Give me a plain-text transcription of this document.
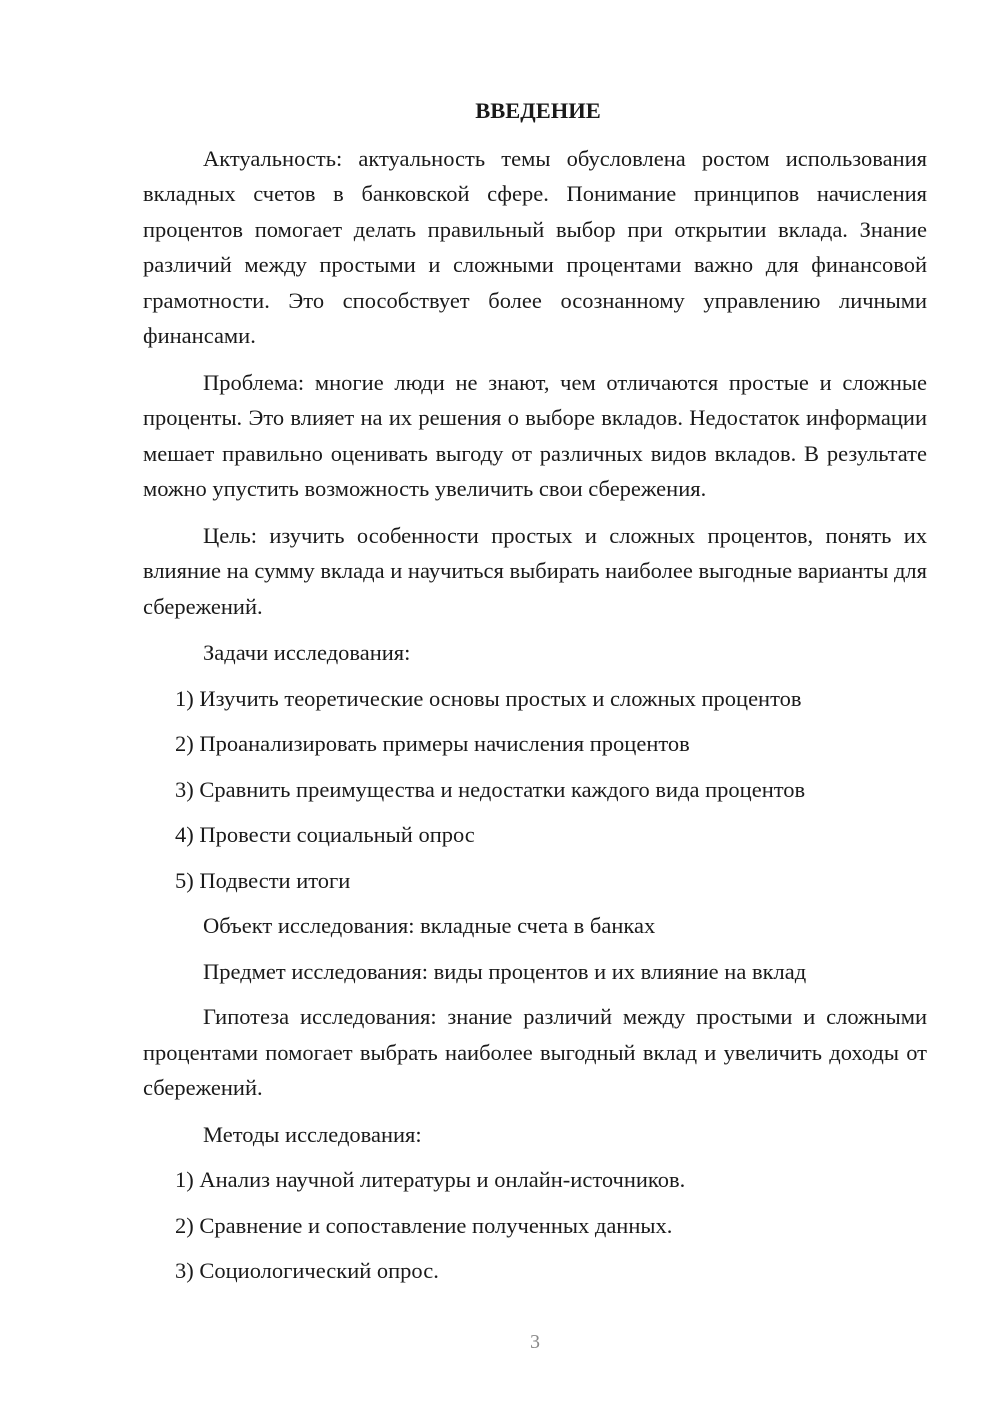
ВВЕДЕНИЕ

Актуальность: актуальность темы обусловлена ростом использования вкладных счетов в банковской сфере. Понимание принципов начисления процентов помогает делать правильный выбор при открытии вклада. Знание различий между простыми и сложными процентами важно для финансовой грамотности. Это способствует более осознанному управлению личными финансами.

Проблема: многие люди не знают, чем отличаются простые и сложные проценты. Это влияет на их решения о выборе вкладов. Недостаток информации мешает правильно оценивать выгоду от различных видов вкладов. В результате можно упустить возможность увеличить свои сбережения.

Цель: изучить особенности простых и сложных процентов, понять их влияние на сумму вклада и научиться выбирать наиболее выгодные варианты для сбережений.

Задачи исследования:

1) Изучить теоретические основы простых и сложных процентов

2) Проанализировать примеры начисления процентов

3) Сравнить преимущества и недостатки каждого вида процентов

4) Провести социальный опрос

5) Подвести итоги

Объект исследования: вкладные счета в банках

Предмет исследования: виды процентов и их влияние на вклад

Гипотеза исследования: знание различий между простыми и сложными процентами помогает выбрать наиболее выгодный вклад и увеличить доходы от сбережений.

Методы исследования:

1) Анализ научной литературы и онлайн-источников.

2) Сравнение и сопоставление полученных данных.

3) Социологический опрос.

3
